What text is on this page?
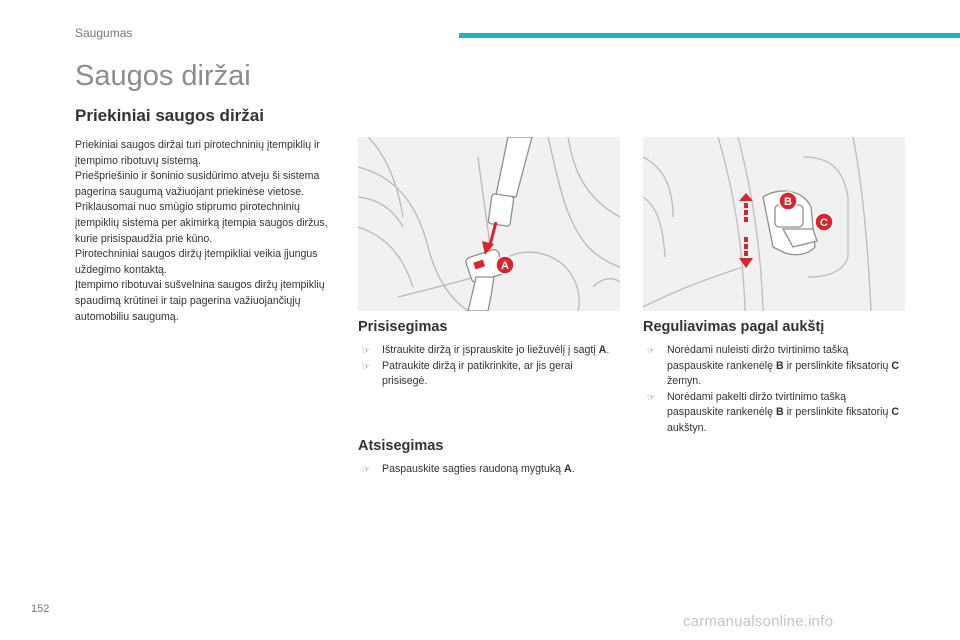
Saugumas
Saugos diržai
Priekiniai saugos diržai

Priekiniai saugos diržai turi pirotechninių įtempiklių ir įtempimo ribotuvų sistemą.

Priešpriešinio ir šoninio susidūrimo atveju ši sistema pagerina saugumą važiuojant priekinėse vietose. Priklausomai nuo smūgio stiprumo pirotechninių įtempiklių sistema per akimirką įtempia saugos diržus, kurie prisispaudžia prie kūno.

Pirotechniniai saugos diržų įtempikliai veikia įjungus uždegimo kontaktą.

Įtempimo ribotuvai sušvelnina saugos diržų įtempiklių spaudimą krūtinei ir taip pagerina važiuojančiųjų automobiliu saugumą.

A
B
C
Prisisegimas
☞ Ištraukite diržą ir įsprauskite jo liežuvėlį į sagtį A.
☞ Patraukite diržą ir patikrinkite, ar jis gerai prisisegė.
Reguliavimas pagal aukštį
☞ Norėdami nuleisti diržo tvirtinimo tašką paspauskite rankenėlę B ir perslinkite fiksatorių C žemyn.
☞ Norėdami pakelti diržo tvirtinimo tašką paspauskite rankenėlę B ir perslinkite fiksatorių C aukštyn.
Atsisegimas
☞ Paspauskite sagties raudoną mygtuką A.
152
carmanualsonline.info
